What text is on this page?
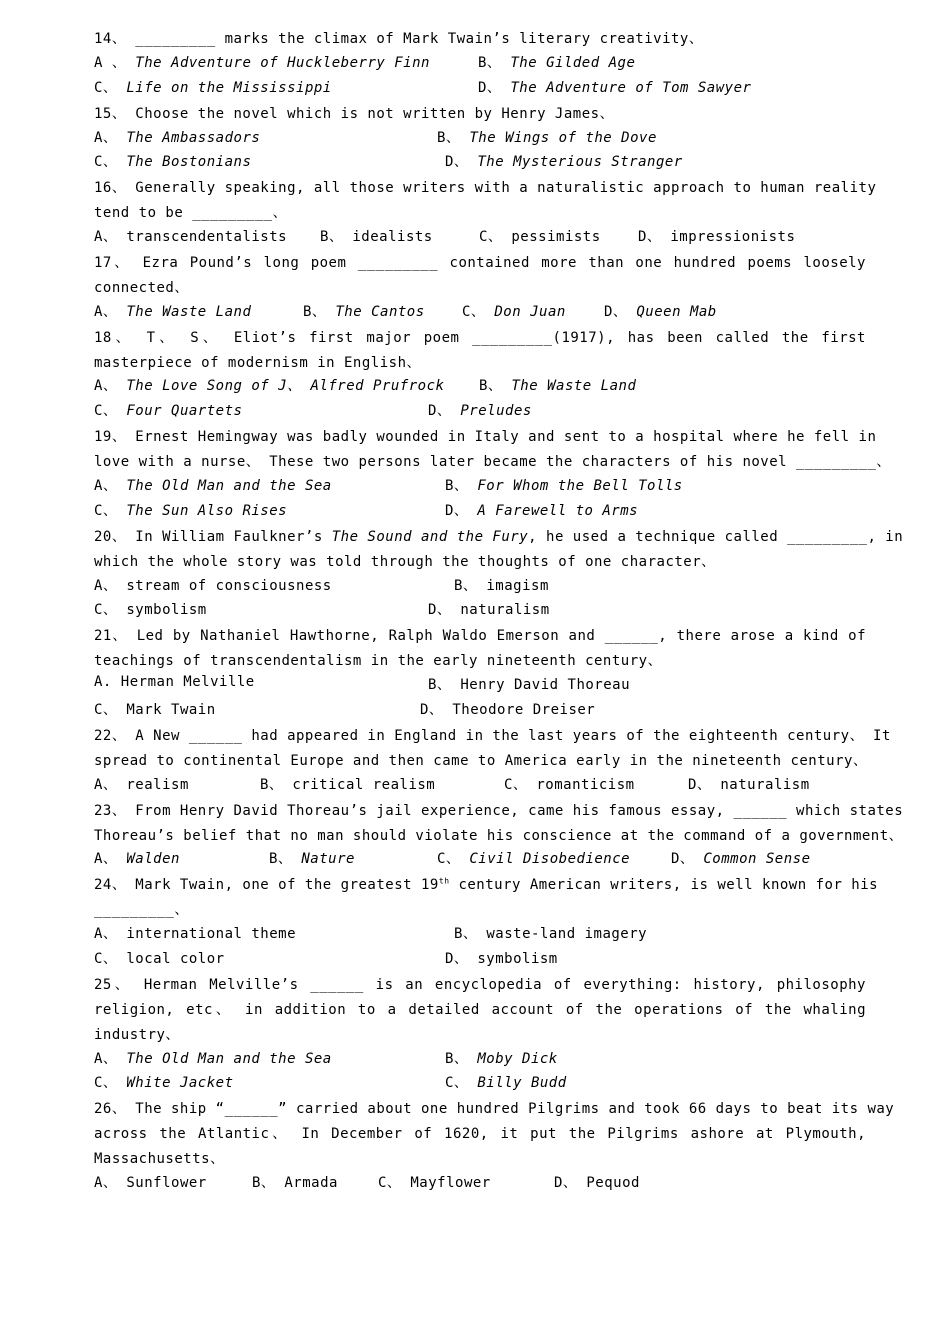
14、 _________ marks the climax of Mark Twain’s literary creativity、
A 、 The Adventure of Huckleberry Finn	B、 The Gilded Age
C、 Life on the Mississippi	D、 The Adventure of Tom Sawyer
15、 Choose the novel which is not written by Henry James、
A、 The Ambassadors	B、 The Wings of the Dove
C、 The Bostonians	D、 The Mysterious Stranger
16、 Generally speaking, all those writers with a naturalistic approach to human reality
tend to be _________、
A、 transcendentalists B、 idealists	C、 pessimists	D、 impressionists
17、 Ezra Pound’s long poem _________ contained more than one hundred poems loosely
connected、
A、 The Waste Land	B、 The Cantos	C、 Don Juan	D、 Queen Mab
18、 T、 S、 Eliot’s first major poem _________(1917), has been called the first
masterpiece of modernism in English、
A、 The Love Song of J、 Alfred Prufrock B、 The Waste Land
C、 Four Quartets	D、 Preludes
19、 Ernest Hemingway was badly wounded in Italy and sent to a hospital where he fell in
love with a nurse、 These two persons later became the characters of his novel _________、
A、 The Old Man and the Sea	B、 For Whom the Bell Tolls
C、 The Sun Also Rises	D、 A Farewell to Arms
20、 In William Faulkner’s The Sound and the Fury, he used a technique called _________, in
which the whole story was told through the thoughts of one character、
A、 stream of consciousness	B、 imagism
C、 symbolism	D、 naturalism
21、 Led by Nathaniel Hawthorne, Ralph Waldo Emerson and ______, there arose a kind of
teachings of transcendentalism in the early nineteenth century、
A. Herman Melville	B、 Henry David Thoreau
C、 Mark Twain	D、 Theodore Dreiser
22、 A New ______ had appeared in England in the last years of the eighteenth century、 It
spread to continental Europe and then came to America early in the nineteenth century、
A、 realism	B、 critical realism	C、 romanticism	D、 naturalism
23、 From Henry David Thoreau’s jail experience, came his famous essay, ______ which states
Thoreau’s belief that no man should violate his conscience at the command of a government、
A、 Walden	B、 Nature	C、 Civil Disobedience	D、 Common Sense
24、 Mark Twain, one of the greatest 19th century American writers, is well known for his
_________、
A、 international theme	B、 waste-land imagery
C、 local color	D、 symbolism
25、 Herman Melville’s ______ is an encyclopedia of everything: history, philosophy
religion, etc、 in addition to a detailed account of the operations of the whaling
industry、
A、 The Old Man and the Sea	B、 Moby Dick
C、 White Jacket	C、 Billy Budd
26、 The ship “______” carried about one hundred Pilgrims and took 66 days to beat its way
across the Atlantic、 In December of 1620, it put the Pilgrims ashore at Plymouth,
Massachusetts、
A、 Sunflower	B、 Armada	C、 Mayflower	D、 Pequod
